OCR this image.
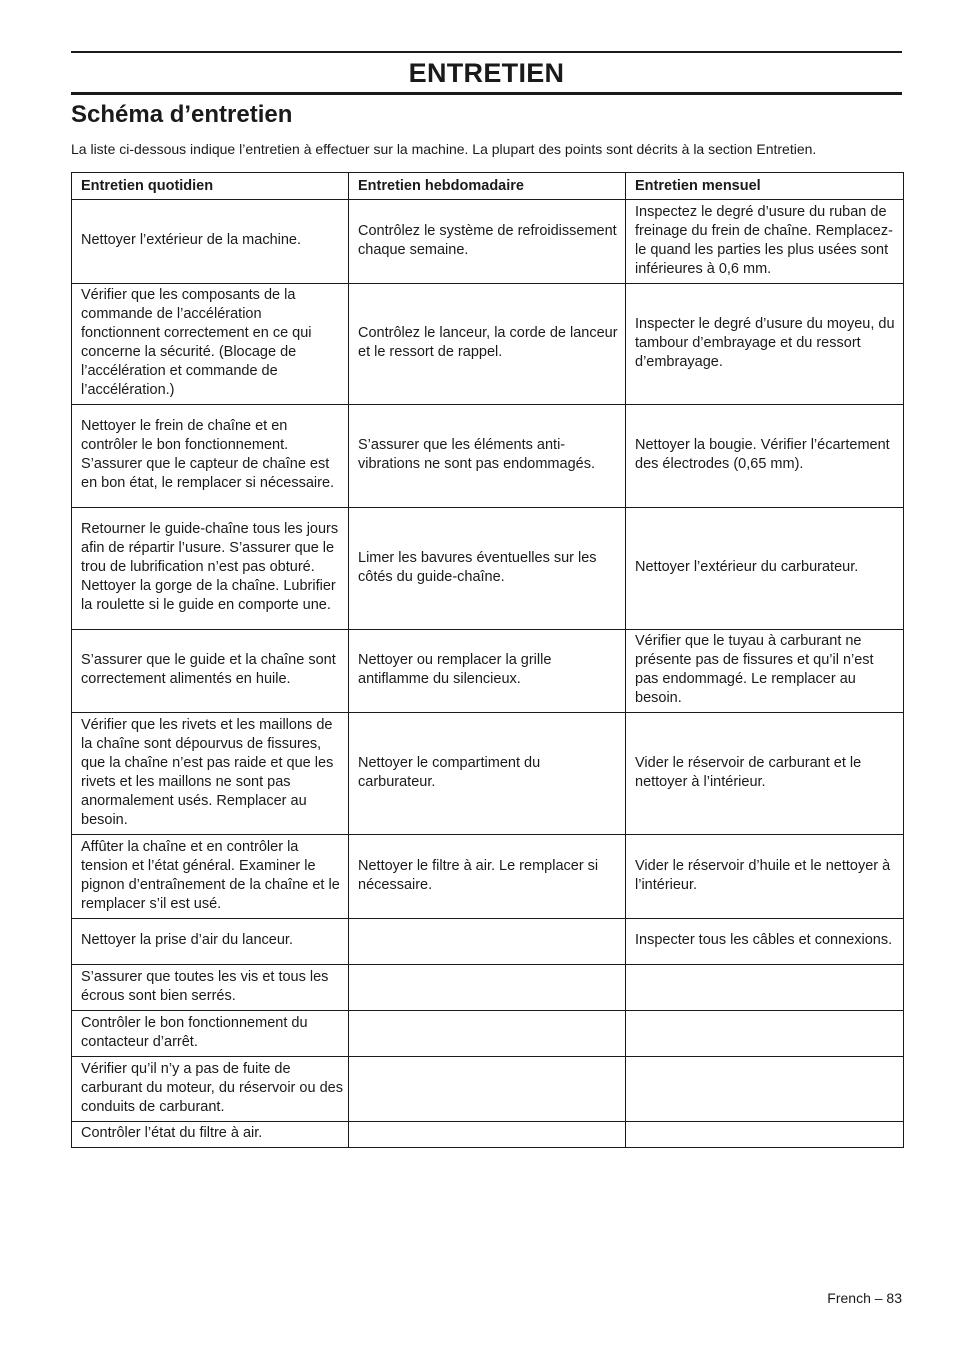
ENTRETIEN
Schéma d’entretien
La liste ci-dessous indique l’entretien à effectuer sur la machine. La plupart des points sont décrits à la section Entretien.
Entretien quotidien	Entretien hebdomadaire	Entretien mensuel
Nettoyer l’extérieur de la machine.	Contrôlez le système de refroidissement chaque semaine.	Inspectez le degré d’usure du ruban de freinage du frein de chaîne. Remplacez-le quand les parties les plus usées sont inférieures à 0,6 mm.
Vérifier que les composants de la commande de l’accélération fonctionnent correctement en ce qui concerne la sécurité. (Blocage de l’accélération et commande de l’accélération.)	Contrôlez le lanceur, la corde de lanceur et le ressort de rappel.	Inspecter le degré d’usure du moyeu, du tambour d’embrayage et du ressort d’embrayage.
Nettoyer le frein de chaîne et en contrôler le bon fonctionnement. S’assurer que le capteur de chaîne est en bon état, le remplacer si nécessaire.	S’assurer que les éléments anti-vibrations ne sont pas endommagés.	Nettoyer la bougie. Vérifier l’écartement des électrodes (0,65 mm).
Retourner le guide-chaîne tous les jours afin de répartir l’usure. S’assurer que le trou de lubrification n’est pas obturé. Nettoyer la gorge de la chaîne. Lubrifier la roulette si le guide en comporte une.	Limer les bavures éventuelles sur les côtés du guide-chaîne.	Nettoyer l’extérieur du carburateur.
S’assurer que le guide et la chaîne sont correctement alimentés en huile.	Nettoyer ou remplacer la grille antiflamme du silencieux.	Vérifier que le tuyau à carburant ne présente pas de fissures et qu’il n’est pas endommagé. Le remplacer au besoin.
Vérifier que les rivets et les maillons de la chaîne sont dépourvus de fissures, que la chaîne n’est pas raide et que les rivets et les maillons ne sont pas anormalement usés. Remplacer au besoin.	Nettoyer le compartiment du carburateur.	Vider le réservoir de carburant et le nettoyer à l’intérieur.
Affûter la chaîne et en contrôler la tension et l’état général. Examiner le pignon d’entraînement de la chaîne et le remplacer s’il est usé.	Nettoyer le filtre à air. Le remplacer si nécessaire.	Vider le réservoir d’huile et le nettoyer à l’intérieur.
Nettoyer la prise d’air du lanceur.		Inspecter tous les câbles et connexions.
S’assurer que toutes les vis et tous les écrous sont bien serrés.		
Contrôler le bon fonctionnement du contacteur d’arrêt.		
Vérifier qu’il n’y a pas de fuite de carburant du moteur, du réservoir ou des conduits de carburant.		
Contrôler l’état du filtre à air.		
French – 83
